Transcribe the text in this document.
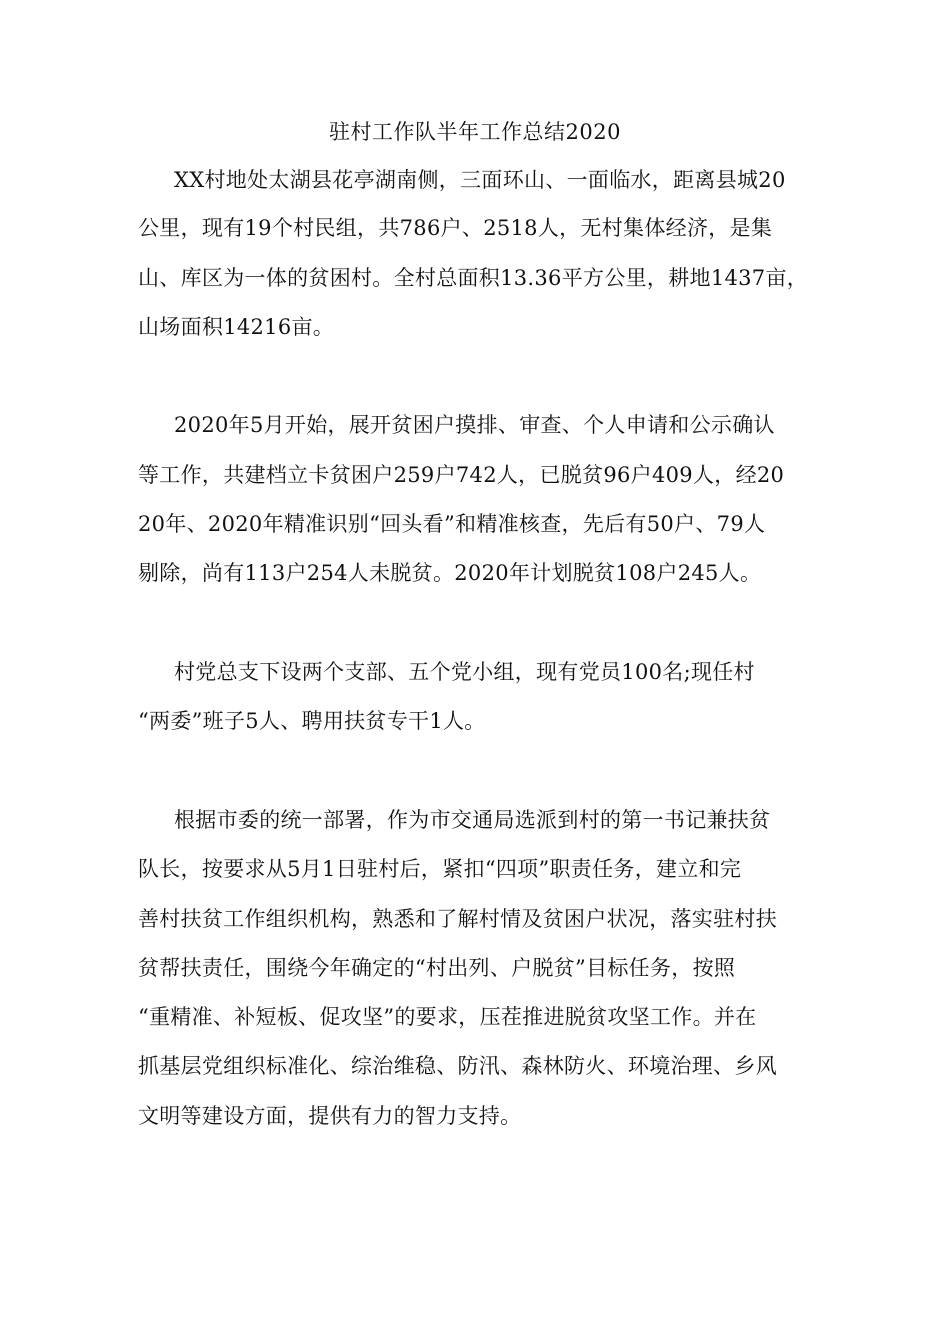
驻村工作队半年工作总结2020
XX村地处太湖县花亭湖南侧，三面环山、一面临水，距离县城20
公里，现有19个村民组，共786户、2518人，无村集体经济，是集
山、库区为一体的贫困村。全村总面积13.36平方公里，耕地1437亩，
山场面积14216亩。
2020年5月开始，展开贫困户摸排、审查、个人申请和公示确认
等工作，共建档立卡贫困户259户742人，已脱贫96户409人，经20
20年、2020年精准识别“回头看”和精准核查，先后有50户、79人
剔除，尚有113户254人未脱贫。2020年计划脱贫108户245人。
村党总支下设两个支部、五个党小组，现有党员100名;现任村
“两委”班子5人、聘用扶贫专干1人。
根据市委的统一部署，作为市交通局选派到村的第一书记兼扶贫
队长，按要求从5月1日驻村后，紧扣“四项”职责任务，建立和完
善村扶贫工作组织机构，熟悉和了解村情及贫困户状况，落实驻村扶
贫帮扶责任，围绕今年确定的“村出列、户脱贫”目标任务，按照
“重精准、补短板、促攻坚”的要求，压茬推进脱贫攻坚工作。并在
抓基层党组织标准化、综治维稳、防汛、森林防火、环境治理、乡风
文明等建设方面，提供有力的智力支持。
